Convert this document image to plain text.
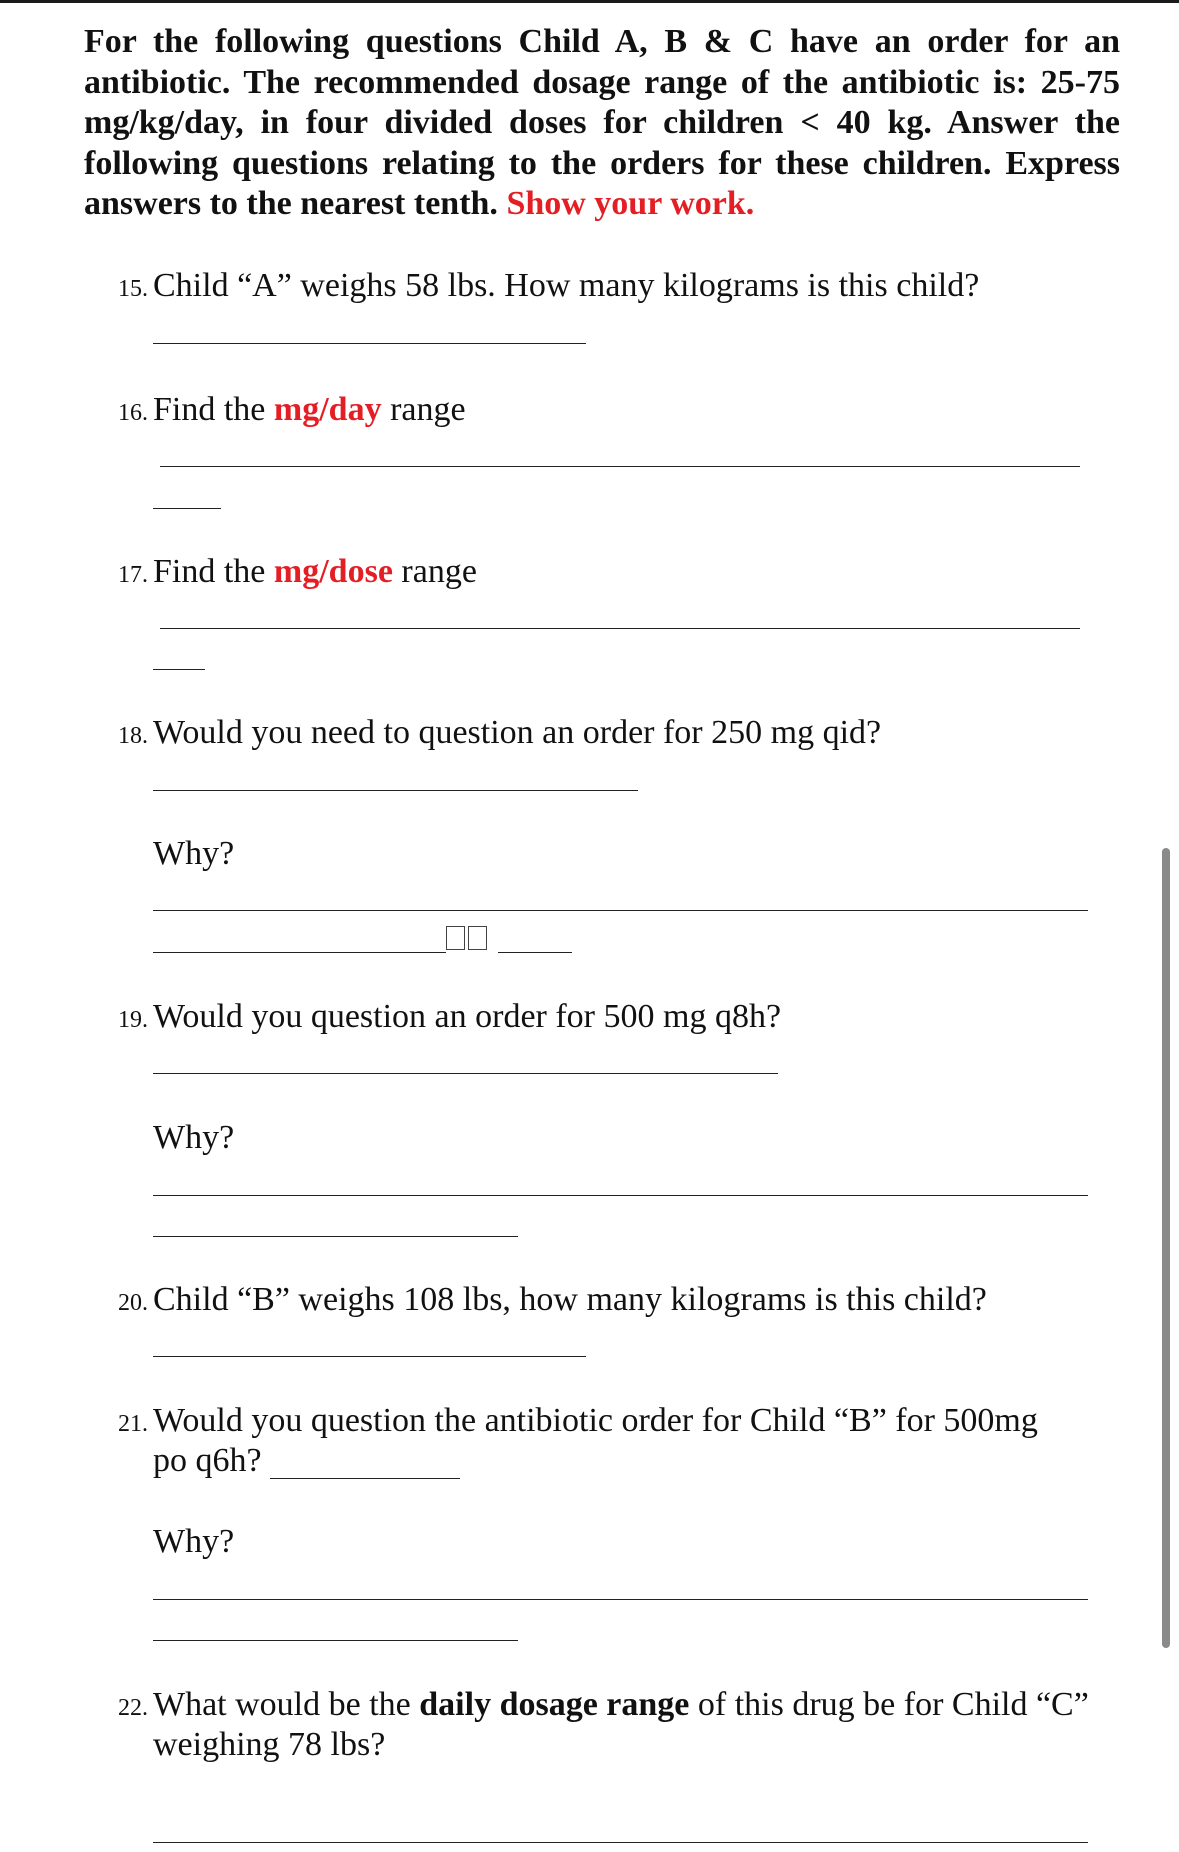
For the following questions Child A, B & C have an order for an antibiotic. The recommended dosage range of the antibiotic is: 25-75 mg/kg/day, in four divided doses for children < 40 kg. Answer the following questions relating to the orders for these children. Express answers to the nearest tenth. Show your work.
15. Child “A” weighs 58 lbs. How many kilograms is this child?
16. Find the mg/day range
17. Find the mg/dose range
18. Would you need to question an order for 250 mg qid?
Why?
19. Would you question an order for 500 mg q8h?
Why?
20. Child “B” weighs 108 lbs, how many kilograms is this child?
21. Would you question the antibiotic order for Child “B” for 500mg
po q6h?
Why?
22. What would be the daily dosage range of this drug be for Child “C”
weighing 78 lbs?
